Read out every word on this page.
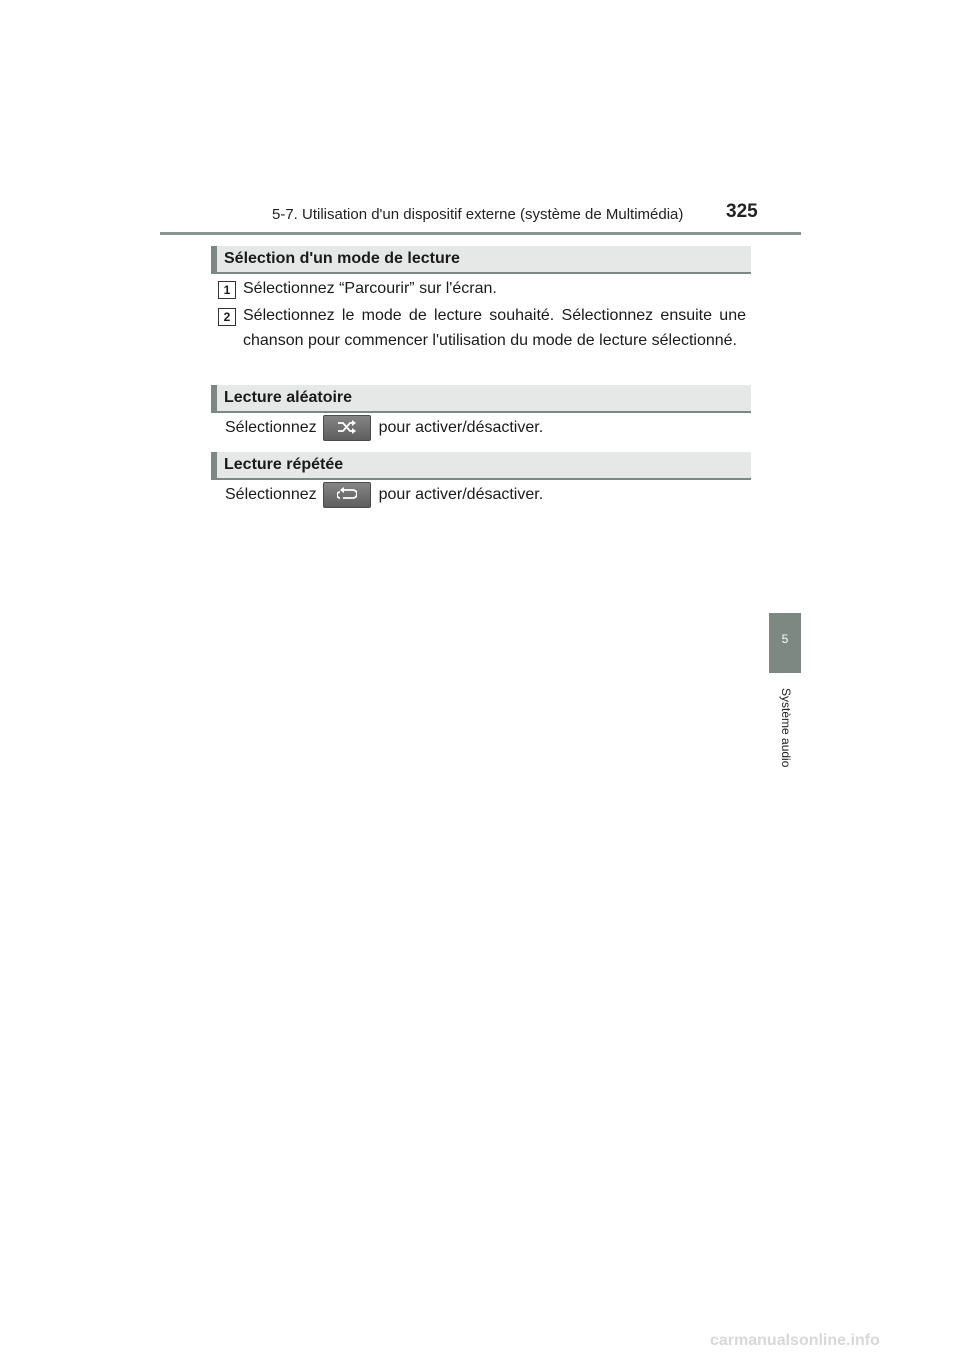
5-7. Utilisation d'un dispositif externe (système de Multimédia) 325
Sélection d'un mode de lecture
1 Sélectionnez “Parcourir” sur l'écran.
2 Sélectionnez le mode de lecture souhaité. Sélectionnez ensuite une chanson pour commencer l'utilisation du mode de lecture sélectionné.
Lecture aléatoire
Sélectionnez	pour activer/désactiver.
Lecture répétée
Sélectionnez	pour activer/désactiver.
5
Système audio
carmanualsonline.info
